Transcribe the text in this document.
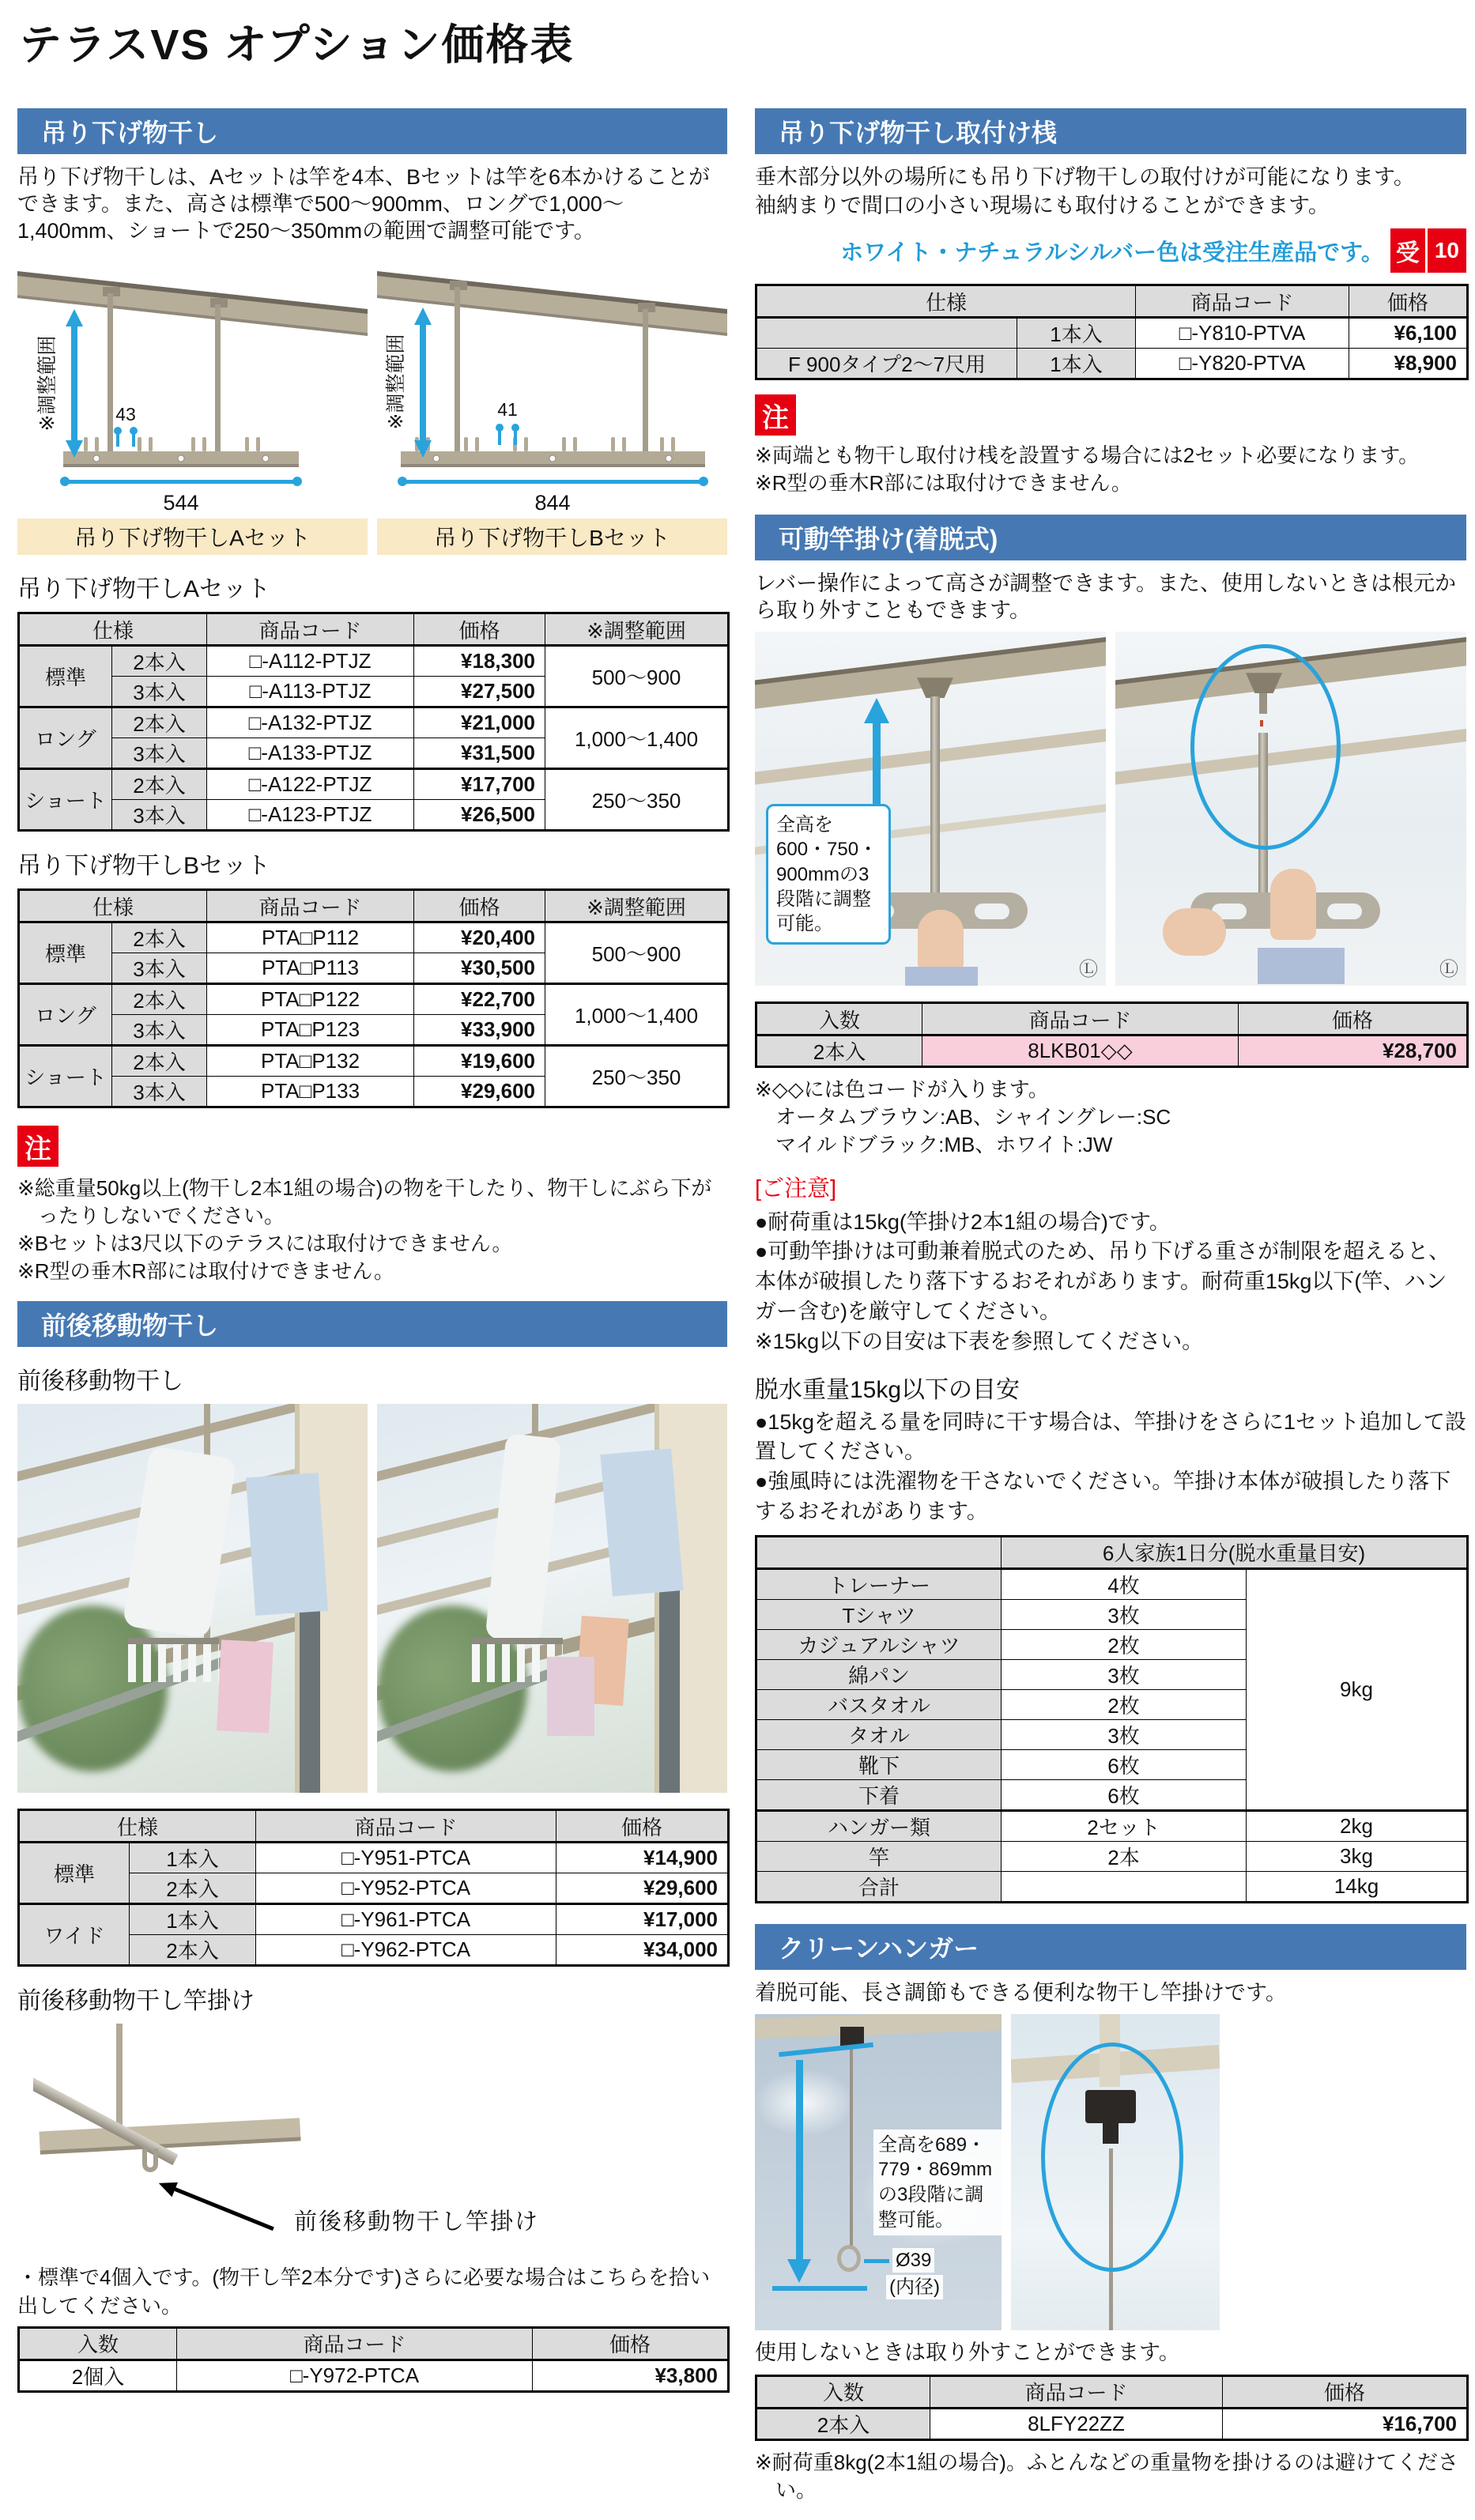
テラスVS オプション価格表
吊り下げ物干し
吊り下げ物干しは、Aセットは竿を4本、Bセットは竿を6本かけることができます。また、高さは標準で500〜900mm、ロングで1,000〜1,400mm、ショートで250〜350mmの範囲で調整可能です。
※調整範囲	43
544
吊り下げ物干しAセット
※調整範囲	41
844
吊り下げ物干しBセット
吊り下げ物干しAセット
仕様		商品コード	価格	※調整範囲
標準	2本入	□-A112-PTJZ	¥18,300	500〜900
	3本入	□-A113-PTJZ	¥27,500	
ロング	2本入	□-A132-PTJZ	¥21,000	1,000〜1,400
	3本入	□-A133-PTJZ	¥31,500	
ショート	2本入	□-A122-PTJZ	¥17,700	250〜350
	3本入	□-A123-PTJZ	¥26,500	
吊り下げ物干しBセット
仕様		商品コード	価格	※調整範囲
標準	2本入	PTA□P112	¥20,400	500〜900
	3本入	PTA□P113	¥30,500	
ロング	2本入	PTA□P122	¥22,700	1,000〜1,400
	3本入	PTA□P123	¥33,900	
ショート	2本入	PTA□P132	¥19,600	250〜350
	3本入	PTA□P133	¥29,600	
注
※総重量50kg以上(物干し2本1組の場合)の物を干したり、物干しにぶら下がったりしないでください。
※Bセットは3尺以下のテラスには取付けできません。
※R型の垂木R部には取付けできません。
前後移動物干し
前後移動物干し
仕様		商品コード	価格
標準	1本入	□-Y951-PTCA	¥14,900
	2本入	□-Y952-PTCA	¥29,600
ワイド	1本入	□-Y961-PTCA	¥17,000
	2本入	□-Y962-PTCA	¥34,000
前後移動物干し竿掛け
前後移動物干し竿掛け
・標準で4個入です。(物干し竿2本分です)さらに必要な場合はこちらを拾い出してください。
入数	商品コード	価格
2個入	□-Y972-PTCA	¥3,800
吊り下げ物干し取付け桟
垂木部分以外の場所にも吊り下げ物干しの取付けが可能になります。
袖納まりで間口の小さい現場にも取付けることができます。
ホワイト・ナチュラルシルバー色は受注生産品です。 受 10
仕様		商品コード	価格
	1本入	□-Y810-PTVA	¥6,100
F 900タイプ2〜7尺用	1本入	□-Y820-PTVA	¥8,900
注
※両端とも物干し取付け桟を設置する場合には2セット必要になります。
※R型の垂木R部には取付けできません。
可動竿掛け(着脱式)
レバー操作によって高さが調整できます。また、使用しないときは根元から取り外すこともできます。
全高を600・750・900mmの3段階に調整可能。
Ⓛ	Ⓛ
入数	商品コード	価格
2本入	8LKB01◇◇	¥28,700
※◇◇には色コードが入ります。
オータムブラウン:AB、シャイングレー:SC
マイルドブラック:MB、ホワイト:JW
[ご注意]
●耐荷重は15kg(竿掛け2本1組の場合)です。
●可動竿掛けは可動兼着脱式のため、吊り下げる重さが制限を超えると、本体が破損したり落下するおそれがあります。耐荷重15kg以下(竿、ハンガー含む)を厳守してください。
※15kg以下の目安は下表を参照してください。
脱水重量15kg以下の目安
●15kgを超える量を同時に干す場合は、竿掛けをさらに1セット追加して設置してください。
●強風時には洗濯物を干さないでください。竿掛け本体が破損したり落下するおそれがあります。
	6人家族1日分(脱水重量目安)	
トレーナー	4枚	9kg
Tシャツ	3枚	
カジュアルシャツ	2枚	
綿パン	3枚	
バスタオル	2枚	
タオル	3枚	
靴下	6枚	
下着	6枚	
ハンガー類	2セット	2kg
竿	2本	3kg
合計		14kg
クリーンハンガー
着脱可能、長さ調節もできる便利な物干し竿掛けです。
全高を689・779・869mmの3段階に調整可能。
Ø39
(内径)
使用しないときは取り外すことができます。
入数	商品コード	価格
2本入	8LFY22ZZ	¥16,700
※耐荷重8kg(2本1組の場合)。ふとんなどの重量物を掛けるのは避けてください。
